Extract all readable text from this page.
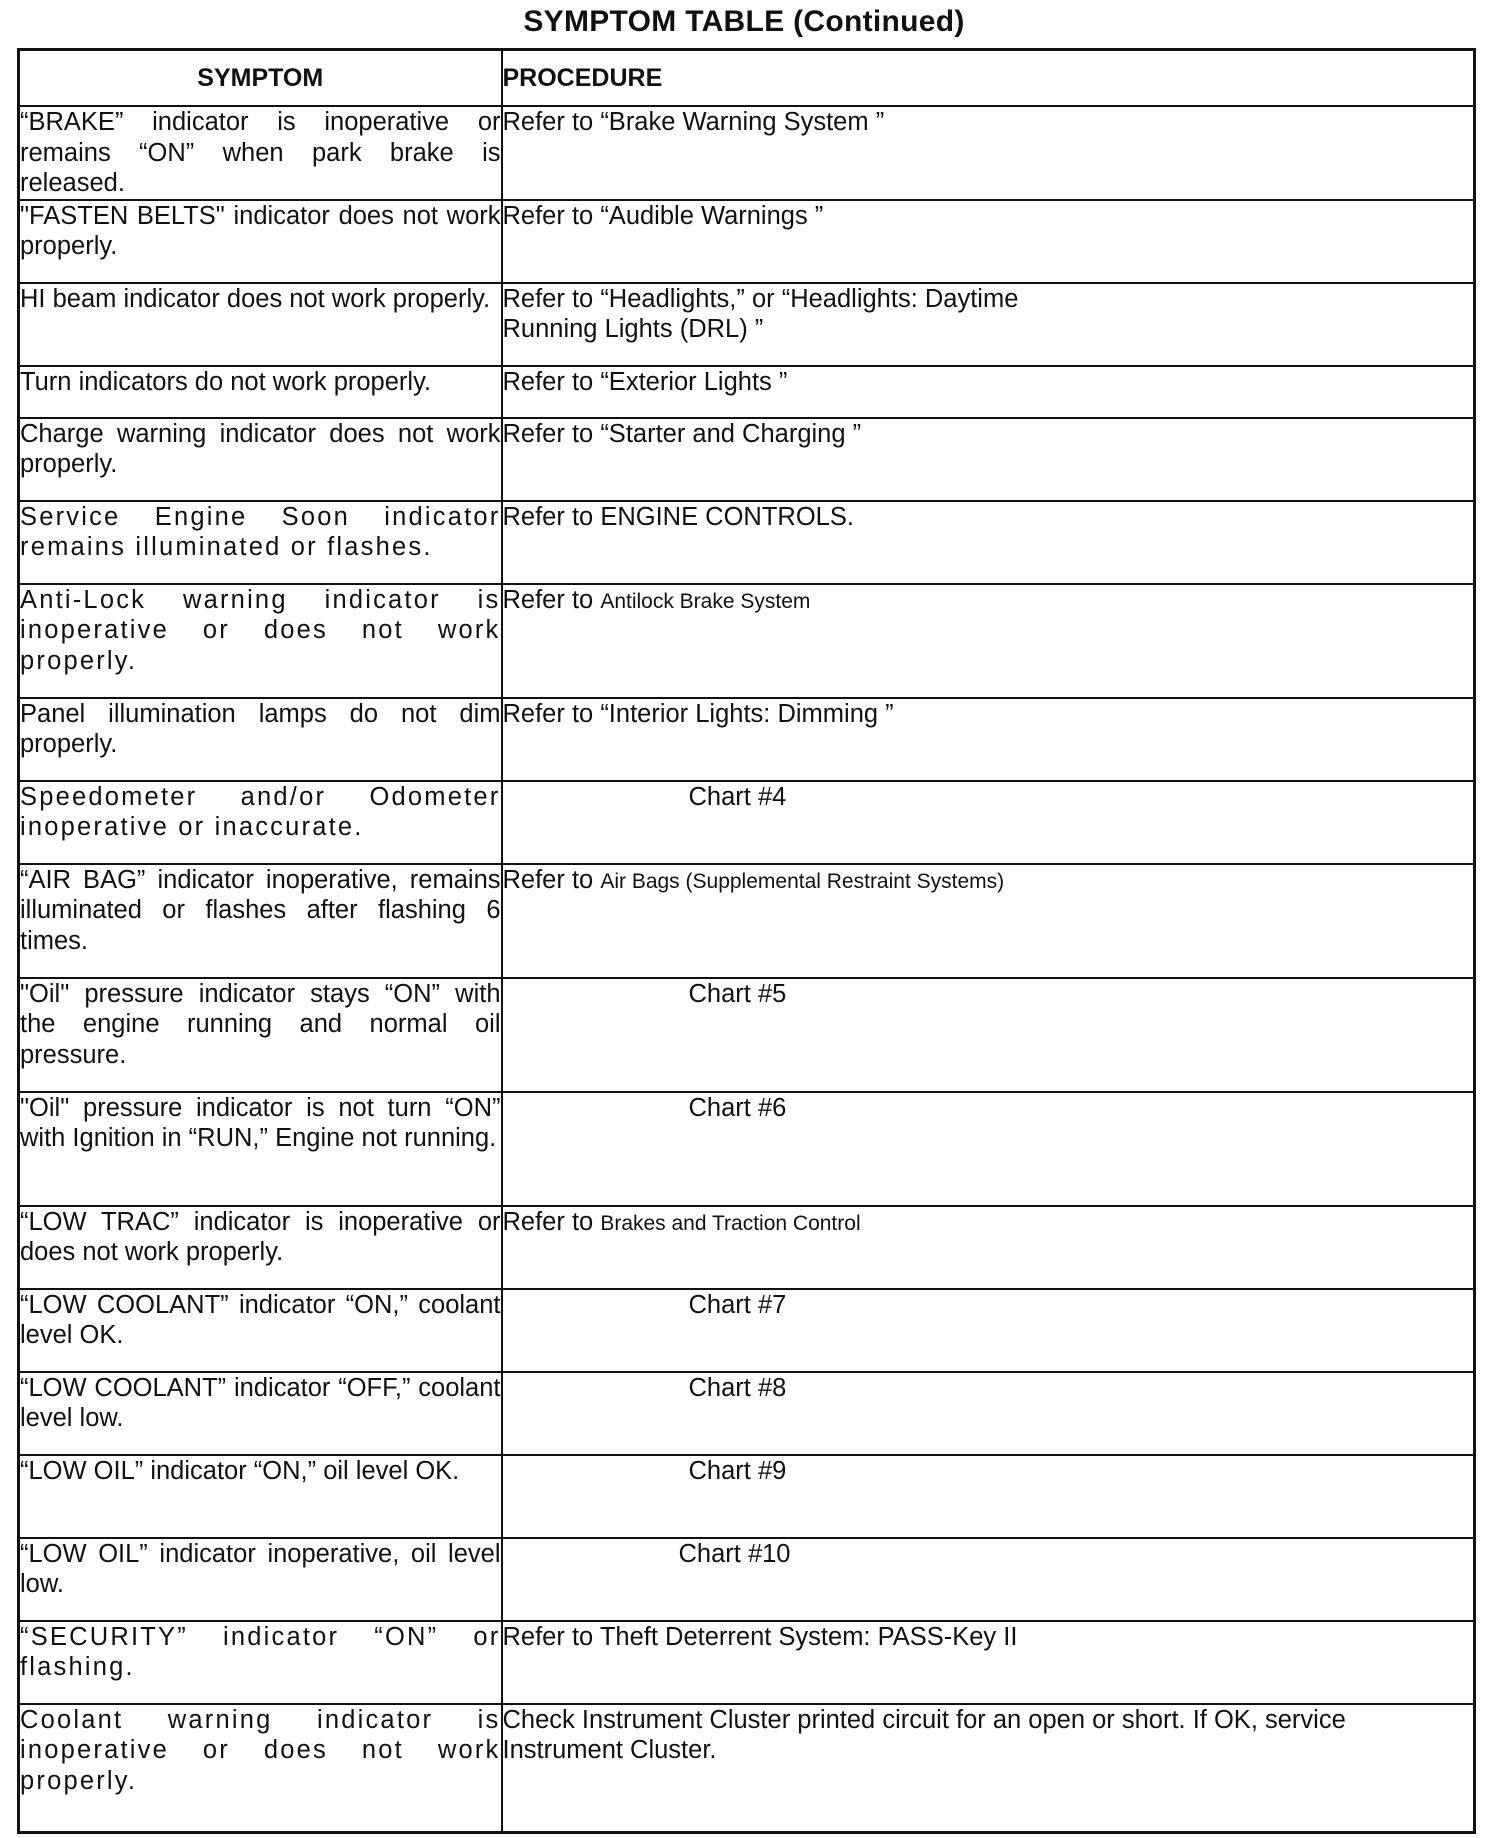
SYMPTOM TABLE (Continued)
SYMPTOM	PROCEDURE
“BRAKE” indicator is inoperative or remains “ON” when park brake is released.	Refer to “Brake Warning System ”
"FASTEN BELTS" indicator does not work properly.	Refer to “Audible Warnings ”
HI beam indicator does not work properly.	Refer to “Headlights,” or “Headlights: Daytime Running Lights (DRL) ”
Turn indicators do not work properly.	Refer to “Exterior Lights ”
Charge warning indicator does not work properly.	Refer to “Starter and Charging ”
Service Engine Soon indicator remains illuminated or flashes.	Refer to ENGINE CONTROLS.
Anti-Lock warning indicator is inoperative or does not work properly.	Refer to Antilock Brake System
Panel illumination lamps do not dim properly.	Refer to “Interior Lights: Dimming ”
Speedometer and/or Odometer inoperative or inaccurate.	Chart #4
“AIR BAG” indicator inoperative, remains illuminated or flashes after flashing 6 times.	Refer to Air Bags (Supplemental Restraint Systems)
"Oil" pressure indicator stays “ON” with the engine running and normal oil pressure.	Chart #5
"Oil" pressure indicator is not turn “ON” with Ignition in “RUN,” Engine not running.	Chart #6
“LOW TRAC” indicator is inoperative or does not work properly.	Refer to Brakes and Traction Control
“LOW COOLANT” indicator “ON,” coolant level OK.	Chart #7
“LOW COOLANT” indicator “OFF,” coolant level low.	Chart #8
“LOW OIL” indicator “ON,” oil level OK.	Chart #9
“LOW OIL” indicator inoperative, oil level low.	Chart #10
“SECURITY” indicator “ON” or flashing.	Refer to Theft Deterrent System: PASS-Key II
Coolant warning indicator is inoperative or does not work properly.	Check Instrument Cluster printed circuit for an open or short. If OK, service Instrument Cluster.
